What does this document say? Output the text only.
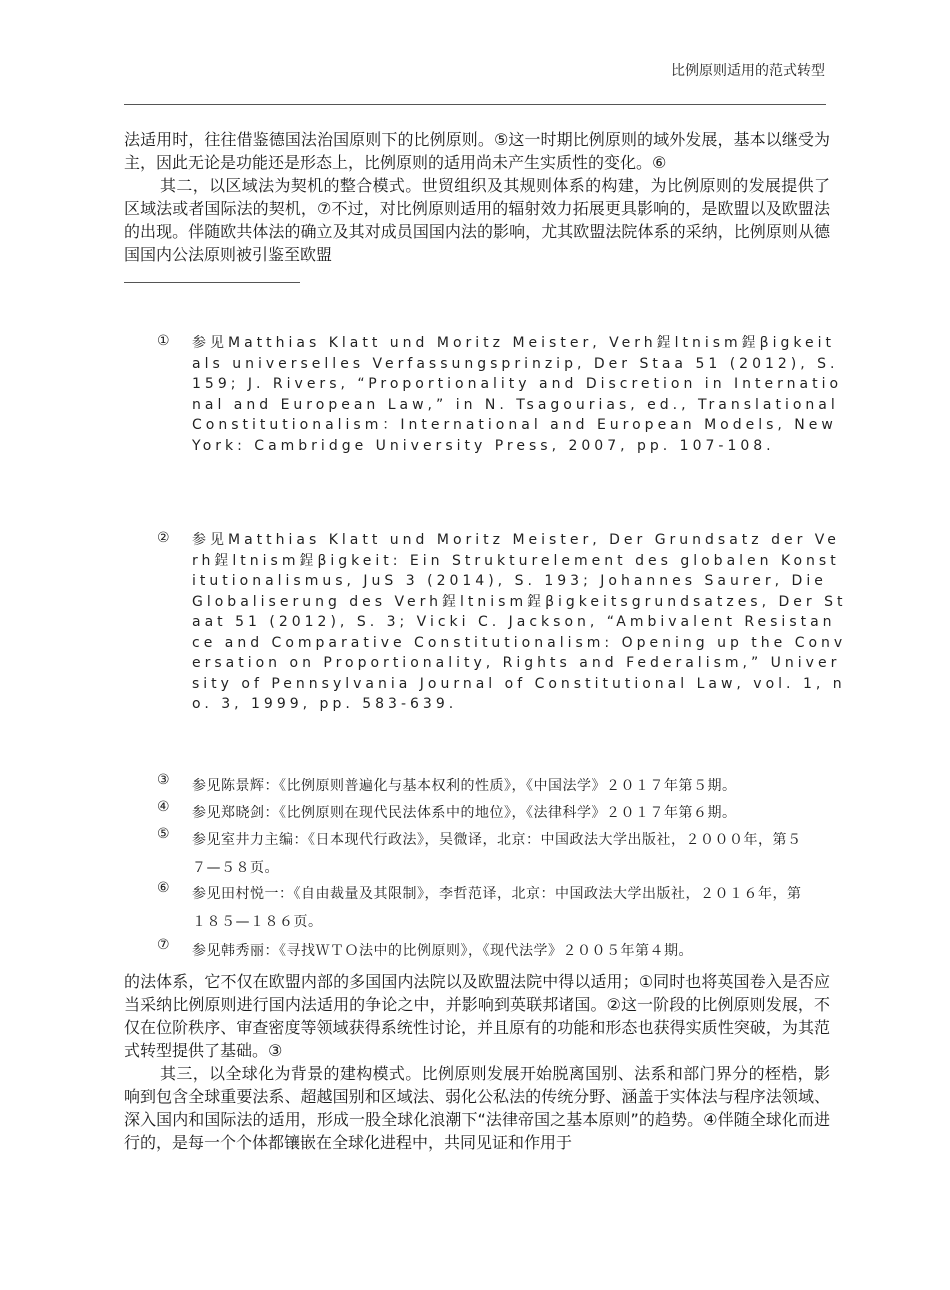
比例原则适用的范式转型

法适用时，往往借鉴德国法治国原则下的比例原则。⑤这一时期比例原则的域外发展，基本以继受为主，因此无论是功能还是形态上，比例原则的适用尚未产生实质性的变化。⑥

其二，以区域法为契机的整合模式。世贸组织及其规则体系的构建，为比例原则的发展提供了区域法或者国际法的契机，⑦不过，对比例原则适用的辐射效力拓展更具影响的，是欧盟以及欧盟法的出现。伴随欧共体法的确立及其对成员国国内法的影响，尤其欧盟法院体系的采纳，比例原则从德国国内公法原则被引鉴至欧盟

① 参见Matthias Klatt und Moritz Meister, Verh鋥ltnism鋥βigkeit als universelles Verfassungsprinzip, Der Staa 51 (2012), S. 159; J. Rivers, “Proportionality and Discretion in International and European Law,” in N. Tsagourias, ed., Translational Constitutionalism：International and European Models, New York: Cambridge University Press, 2007, pp. 107-108.
② 参见Matthias Klatt und Moritz Meister, Der Grundsatz der Verh鋥ltnism鋥βigkeit: Ein Strukturelement des globalen Konstitutionalismus, JuS 3 (2014), S. 193; Johannes Saurer, Die Globaliserung des Verh鋥ltnism鋥βigkeitsgrundsatzes, Der Staat 51 (2012), S. 3; Vicki C. Jackson, “Ambivalent Resistance and Comparative Constitutionalism: Opening up the Conversation on Proportionality, Rights and Federalism,” University of Pennsylvania Journal of Constitutional Law, vol. 1, no. 3, 1999, pp. 583-639.
③ 参见陈景辉：《比例原则普遍化与基本权利的性质》，《中国法学》２０１７年第５期。
④ 参见郑晓剑：《比例原则在现代民法体系中的地位》，《法律科学》２０１７年第６期。
⑤ 参见室井力主编：《日本现代行政法》，吴微译，北京：中国政法大学出版社，２０００年，第５７—５８页。
⑥ 参见田村悦一：《自由裁量及其限制》，李哲范译，北京：中国政法大学出版社，２０１６年，第１８５—１８６页。
⑦ 参见韩秀丽：《寻找ＷＴＯ法中的比例原则》，《现代法学》２００５年第４期。

的法体系，它不仅在欧盟内部的多国国内法院以及欧盟法院中得以适用；①同时也将英国卷入是否应当采纳比例原则进行国内法适用的争论之中，并影响到英联邦诸国。②这一阶段的比例原则发展，不仅在位阶秩序、审查密度等领域获得系统性讨论，并且原有的功能和形态也获得实质性突破，为其范式转型提供了基础。③

其三，以全球化为背景的建构模式。比例原则发展开始脱离国别、法系和部门界分的桎梏，影响到包含全球重要法系、超越国别和区域法、弱化公私法的传统分野、涵盖于实体法与程序法领域、深入国内和国际法的适用，形成一股全球化浪潮下“法律帝国之基本原则”的趋势。④伴随全球化而进行的，是每一个个体都镶嵌在全球化进程中，共同见证和作用于
